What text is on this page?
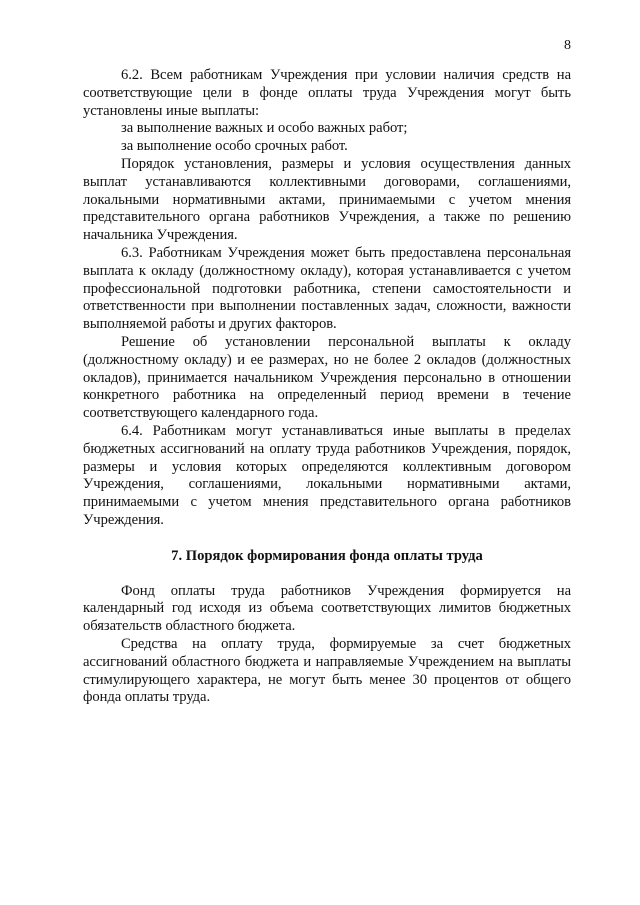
8

6.2. Всем работникам Учреждения при условии наличия средств на соответствующие цели в фонде оплаты труда Учреждения могут быть установлены иные выплаты:

за выполнение важных и особо важных работ;

за выполнение особо срочных работ.

Порядок установления, размеры и условия осуществления данных выплат устанавливаются коллективными договорами, соглашениями, локальными нормативными актами, принимаемыми с учетом мнения представительного органа работников Учреждения, а также по решению начальника Учреждения.

6.3. Работникам Учреждения может быть предоставлена персональная выплата к окладу (должностному окладу), которая устанавливается с учетом профессиональной подготовки работника, степени самостоятельности и ответственности при выполнении поставленных задач, сложности, важности выполняемой работы и других факторов.

Решение об установлении персональной выплаты к окладу (должностному окладу) и ее размерах, но не более 2 окладов (должностных окладов), принимается начальником Учреждения персонально в отношении конкретного работника на определенный период времени в течение соответствующего календарного года.

6.4. Работникам могут устанавливаться иные выплаты в пределах бюджетных ассигнований на оплату труда работников Учреждения, порядок, размеры и условия которых определяются коллективным договором Учреждения, соглашениями, локальными нормативными актами, принимаемыми с учетом мнения представительного органа работников Учреждения.

7. Порядок формирования фонда оплаты труда

Фонд оплаты труда работников Учреждения формируется на календарный год исходя из объема соответствующих лимитов бюджетных обязательств областного бюджета.

Средства на оплату труда, формируемые за счет бюджетных ассигнований областного бюджета и направляемые Учреждением на выплаты стимулирующего характера, не могут быть менее 30 процентов от общего фонда оплаты труда.
